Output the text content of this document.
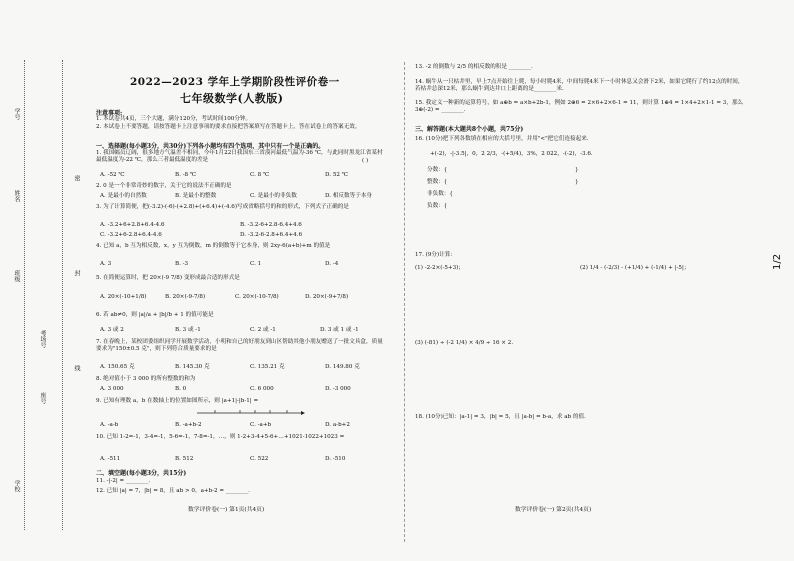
学号
姓名
班级
考场号
座号
学校
密
封
线
2022—2023 学年上学期阶段性评价卷一
七年级数学(人教版)
注意事项:
1. 本试卷共4页，三个大题，满分120分，考试时间100分钟。
2. 本试卷上不要答题，请按答题卡上注意事项的要求直接把答案填写在答题卡上，答在试卷上的答案无效。
一、选择题(每小题3分，共30分)下列各小题均有四个选项，其中只有一个是正确的。
1. 我国幅员辽阔，很多地方气温差不相同，今年1月22日我国东三省漠河最低气温为-36 ℃，与此同时黑龙江省某村最低温度为-22 ℃，那么三者最低温度的差是	( )
A. -52 ℃	B. -8 ℃	C. 8 ℃	D. 52 ℃
2. 0 是一个非常奇妙的数字，关于它的说法不正确的是
A. 是最小的自然数	B. 是最小的整数	C. 是最小的非负数	D. 相反数等于本身
3. 为了计算简便，把(-3.2)-(-6)-(+2.8)+(+6.4)+(-4.6)写成省略括号的和的形式，下列式子正确的是
A. -3.2+6+2.8+6.4-4.6	B. -3.2-6+2.8-6.4+4.6
C. -3.2+6-2.8+6.4-4.6	D. -3.2-6-2.8+6.4+4.6
4. 已知 a，b 互为相反数，x，y 互为倒数，m 的倒数等于它本身，则 2xy-6(a+b)+m 的值是
A. 3	B. -3	C. 1	D. -4
5. 在简便运算时，把 20×(-9 7/8) 变形成最合适的形式是
A. 20×(-10+1/8)	B. 20×(-9-7/8)	C. 20×(-10-7/8)	D. 20×(-9+7/8)
6. 若 ab≠0，则 |a|/a + |b|/b + 1 的值可能是
A. 3 或 2	B. 3 或 -1	C. 2 或 -1	D. 3 或 1 或 -1
7. 在春晚上，某校团委组织同学开展数学活动，小明和自己的好朋友到山区帮助其他小朋友赠送了一批文具盒，质量要求为"150±0.5 克"，则下列符合质量要求的是
A. 150.65 克	B. 145.30 克	C. 135.21 克	D. 149.80 克
8. 绝对值小于 3 000 的所有整数的和为
A. 3 000	B. 0	C. 6 000	D. -3 000
9. 已知有理数 a，b 在数轴上的位置如图所示，则 |a+1|-|b-1| =
A. -a-b	B. -a+b-2	C. -a+b	D. a-b+2
10. 已知 1-2=-1，3-4=-1，5-6=-1，7-8=-1，…，则 1-2+3-4+5-6+…+1021-1022+1023 =
A. -511	B. 512	C. 522	D. -510
二、填空题(每小题3分，共15分)
11. -|-2| = ________.
12. 已知 |a| = 7，|b| = 8，且 ab > 0，a+b-2 = ________.
数学评价卷(一) 第1页(共4页)
13. -2 的倒数与 2/5 的相反数的积是 ________.
14. 蜗牛从一只枯井里，早上7点开始往上爬，每小时爬4米，中间每爬4米下一小时休息又会滑下2米，如果它爬行了约12点的时间，若枯井总深12米，那么蜗牛到达井口上距离的是________米.
15. 我定义一种新的运算符号，如 a⊕b = a×b+2b-1，例如 2⊕6 = 2×6+2×6-1 = 11，则计算 1⊕4 = 1×4+2×1-1 = 3，那么 3⊕(-2) = ________.
三、解答题(本大题共8个小题，共75分)
16. (10分)把下列各数填在相应的大括号里，并用"<"把它们连接起来.
+(-2)，-|-3.5|，0，2 2/3，-(+5/4)，3%，2 022，-(-2)，-3.6.
分数：{
整数：{
非负数：{
负数：{
}
}
17. (9分)计算：
(1) -2-2×(-5+3)；	(2) 1/4 - (-2/3) - (+1/4) + (-1/4) + |-5|；
(3) (-81) ÷ (-2 1/4) × 4/9 ÷ 16 × 2.
18. (10分)已知：|a-1| = 3，|b| = 5，且 |a-b| = b-a，求 ab 的值.
数学评价卷(一) 第2页(共4页)
1/2
